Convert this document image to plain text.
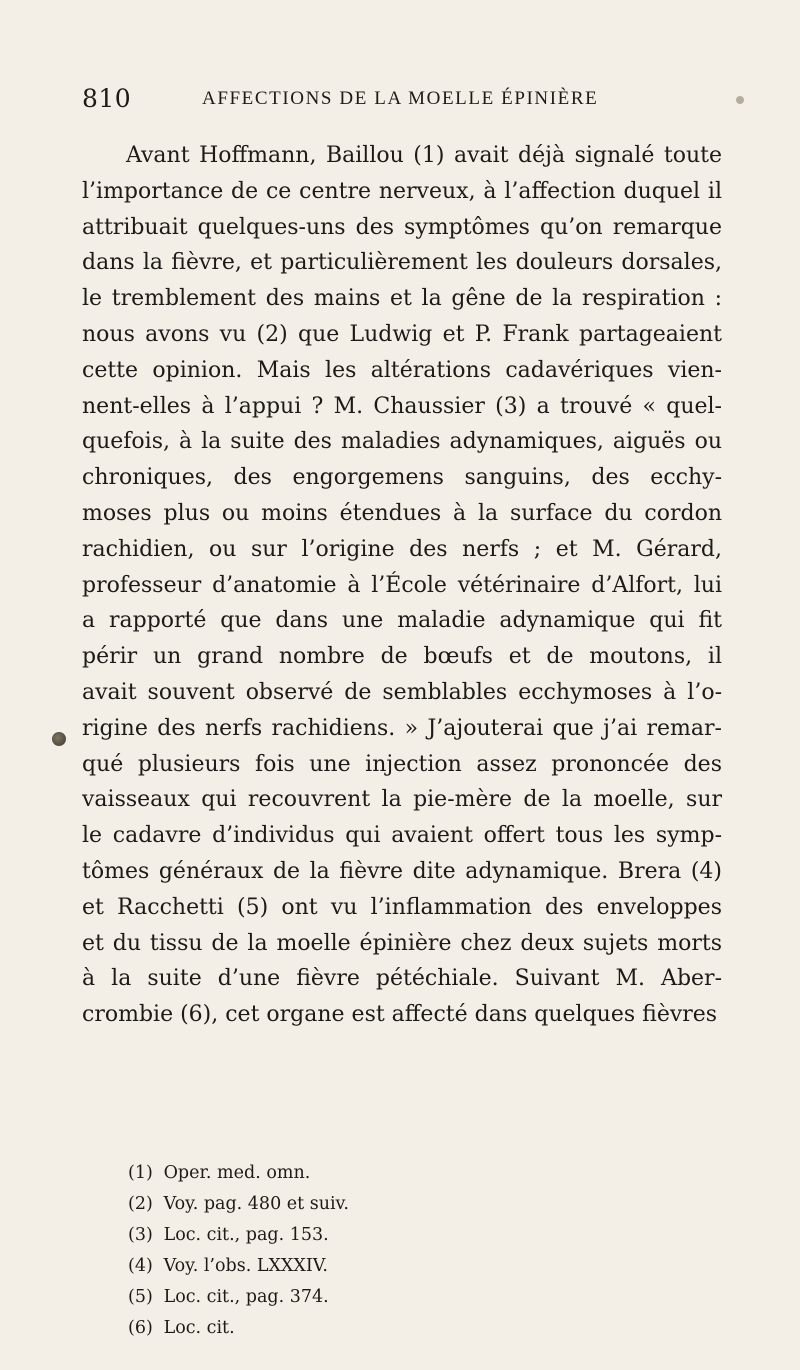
810	AFFECTIONS DE LA MOELLE ÉPINIÈRE
Avant Hoffmann, Baillou (1) avait déjà signalé toute
l’importance de ce centre nerveux, à l’affection duquel il
attribuait quelques-uns des symptômes qu’on remarque
dans la fièvre, et particulièrement les douleurs dorsales,
le tremblement des mains et la gêne de la respiration :
nous avons vu (2) que Ludwig et P. Frank partageaient
cette opinion. Mais les altérations cadavériques vien-
nent-elles à l’appui ? M. Chaussier (3) a trouvé « quel-
quefois, à la suite des maladies adynamiques, aiguës ou
chroniques, des engorgemens sanguins, des ecchy-
moses plus ou moins étendues à la surface du cordon
rachidien, ou sur l’origine des nerfs ; et M. Gérard,
professeur d’anatomie à l’École vétérinaire d’Alfort, lui
a rapporté que dans une maladie adynamique qui fit
périr un grand nombre de bœufs et de moutons, il
avait souvent observé de semblables ecchymoses à l’o-
rigine des nerfs rachidiens. » J’ajouterai que j’ai remar-
qué plusieurs fois une injection assez prononcée des
vaisseaux qui recouvrent la pie-mère de la moelle, sur
le cadavre d’individus qui avaient offert tous les symp-
tômes généraux de la fièvre dite adynamique. Brera (4)
et Racchetti (5) ont vu l’inflammation des enveloppes
et du tissu de la moelle épinière chez deux sujets morts
à la suite d’une fièvre pétéchiale. Suivant M. Aber-
crombie (6), cet organe est affecté dans quelques fièvres
(1) Oper. med. omn.
(2) Voy. pag. 480 et suiv.
(3) Loc. cit., pag. 153.
(4) Voy. l’obs. LXXXIV.
(5) Loc. cit., pag. 374.
(6) Loc. cit.
